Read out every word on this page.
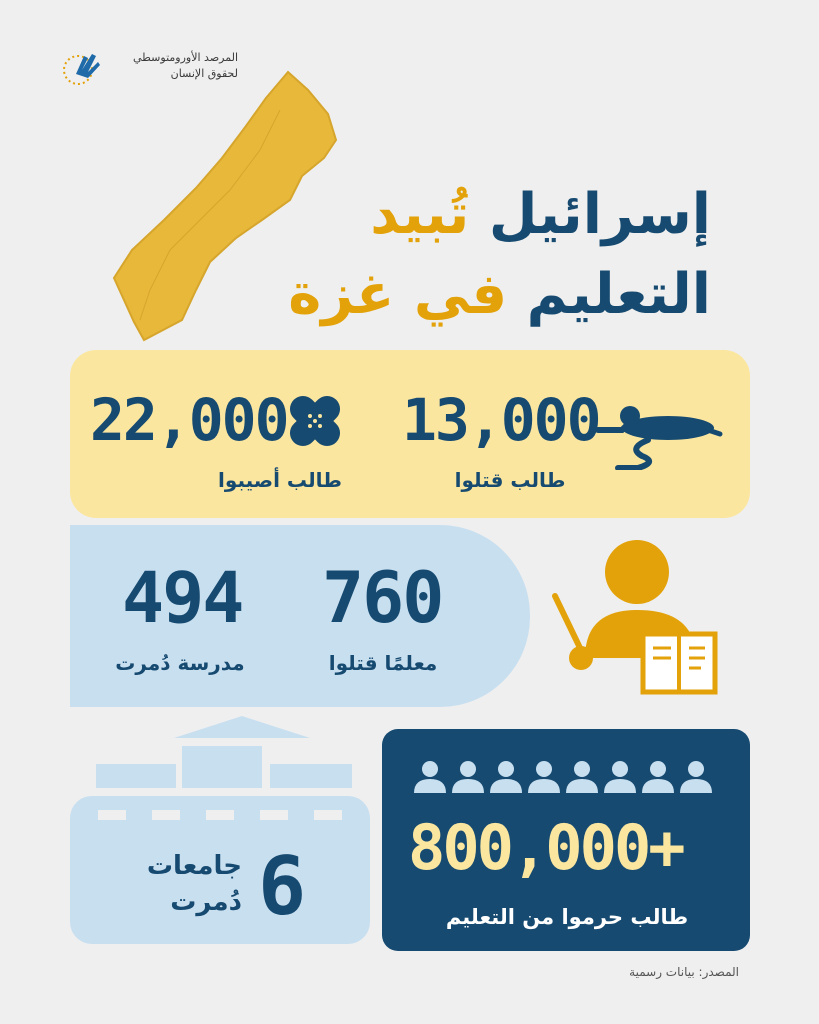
المرصد الأورومتوسطي
لحقوق الإنسان
إسرائيل تُبيد
التعليم في غزة
22,000
طالب أصيبوا
13,000
طالب قتلوا
494
مدرسة دُمرت
760
معلمًا قتلوا
6
جامعات
دُمرت
800,000+
طالب حرموا من التعليم
المصدر: بيانات رسمية
